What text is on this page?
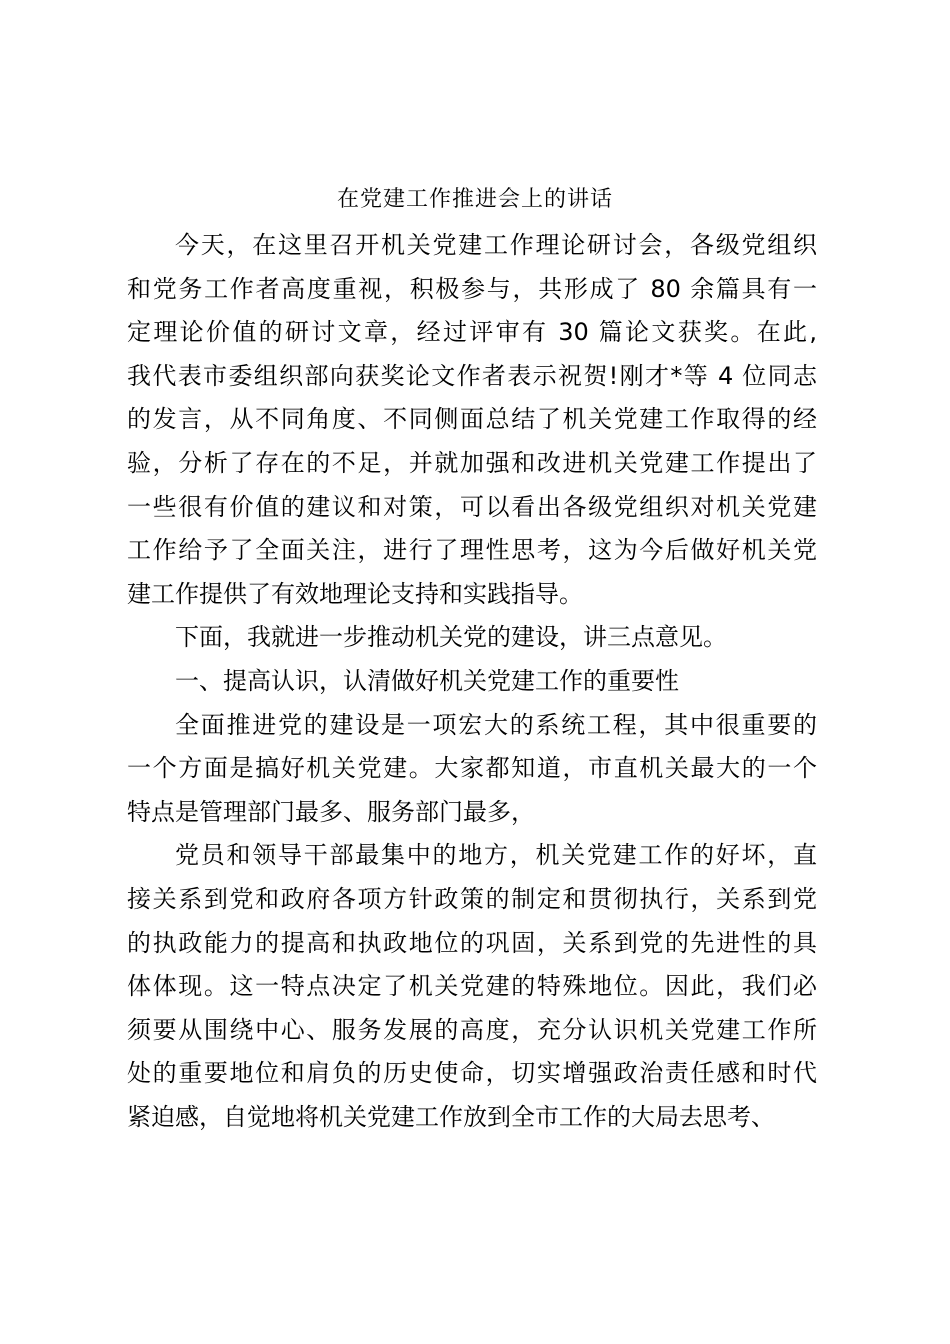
在党建工作推进会上的讲话

今天，在这里召开机关党建工作理论研讨会，各级党组织
和党务工作者高度重视，积极参与，共形成了 80 余篇具有一
定理论价值的研讨文章，经过评审有 30 篇论文获奖。在此,
我代表市委组织部向获奖论文作者表示祝贺!刚才*等 4 位同志
的发言，从不同角度、不同侧面总结了机关党建工作取得的经
验，分析了存在的不足，并就加强和改进机关党建工作提出了
一些很有价值的建议和对策，可以看出各级党组织对机关党建
工作给予了全面关注，进行了理性思考，这为今后做好机关党
建工作提供了有效地理论支持和实践指导。

下面，我就进一步推动机关党的建设，讲三点意见。

一、提高认识，认清做好机关党建工作的重要性

全面推进党的建设是一项宏大的系统工程，其中很重要的
一个方面是搞好机关党建。大家都知道，市直机关最大的一个
特点是管理部门最多、服务部门最多，

党员和领导干部最集中的地方，机关党建工作的好坏，直
接关系到党和政府各项方针政策的制定和贯彻执行，关系到党
的执政能力的提高和执政地位的巩固，关系到党的先进性的具
体体现。这一特点决定了机关党建的特殊地位。因此，我们必
须要从围绕中心、服务发展的高度，充分认识机关党建工作所
处的重要地位和肩负的历史使命，切实增强政治责任感和时代
紧迫感，自觉地将机关党建工作放到全市工作的大局去思考、
